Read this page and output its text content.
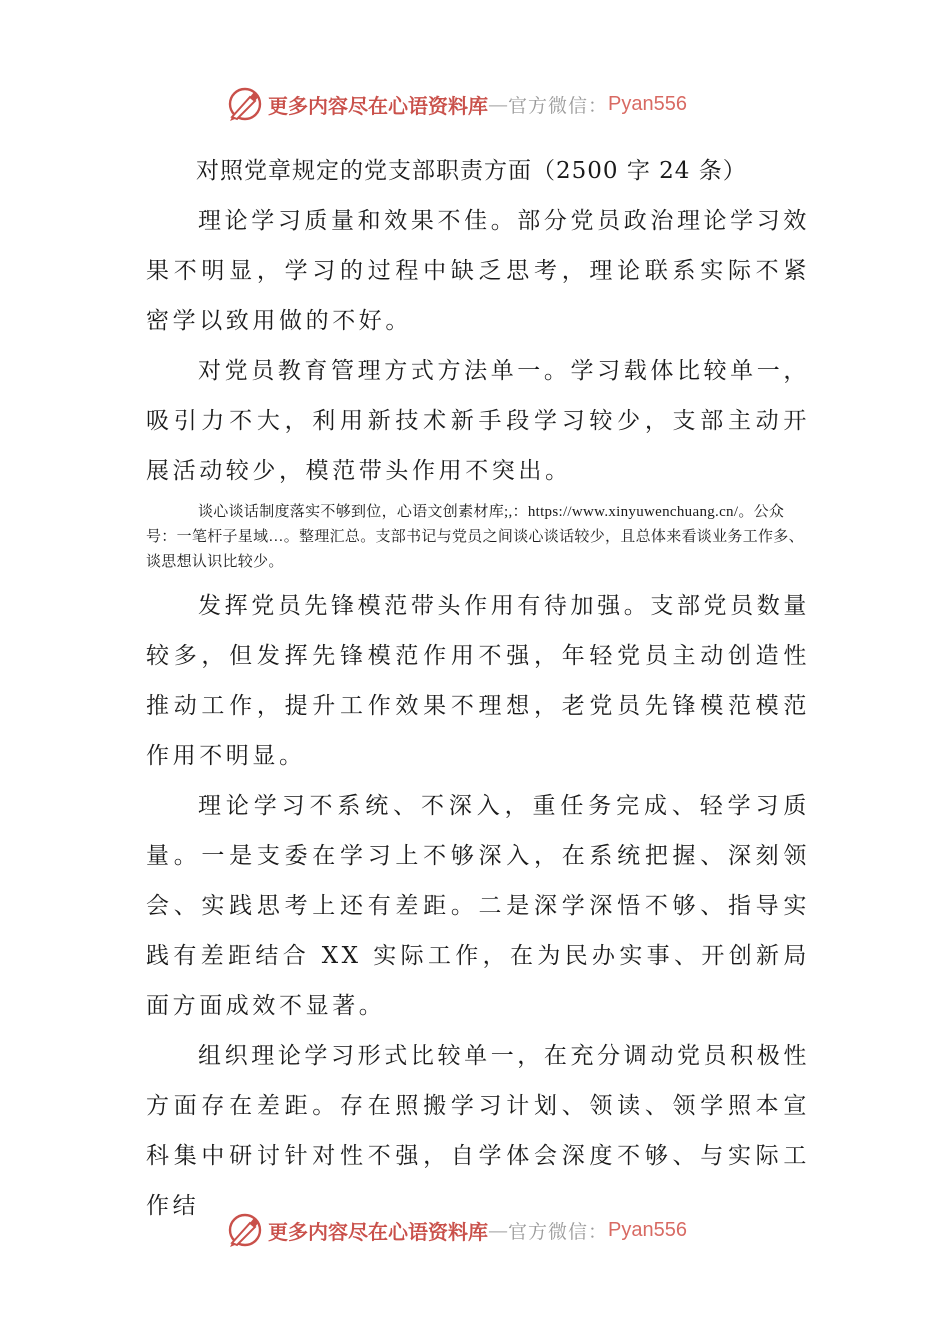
更多内容尽在心语资料库 — 官方微信： Pyan556
对照党章规定的党支部职责方面（2500 字 24 条）

理论学习质量和效果不佳。部分党员政治理论学习效果不明显，学习的过程中缺乏思考，理论联系实际不紧密学以致用做的不好。

对党员教育管理方式方法单一。学习载体比较单一，吸引力不大，利用新技术新手段学习较少，支部主动开展活动较少，模范带头作用不突出。

谈心谈话制度落实不够到位，心语文创素材库;,：https://www.xinyuwenchuang.cn/。公众号：一笔杆子星域…。整理汇总。支部书记与党员之间谈心谈话较少，且总体来看谈业务工作多、谈思想认识比较少。

发挥党员先锋模范带头作用有待加强。支部党员数量较多，但发挥先锋模范作用不强，年轻党员主动创造性推动工作，提升工作效果不理想，老党员先锋模范模范作用不明显。

理论学习不系统、不深入，重任务完成、轻学习质量。一是支委在学习上不够深入，在系统把握、深刻领会、实践思考上还有差距。二是深学深悟不够、指导实践有差距结合 XX 实际工作，在为民办实事、开创新局面方面成效不显著。

组织理论学习形式比较单一，在充分调动党员积极性方面存在差距。存在照搬学习计划、领读、领学照本宣科集中研讨针对性不强，自学体会深度不够、与实际工作结

更多内容尽在心语资料库 — 官方微信： Pyan556
